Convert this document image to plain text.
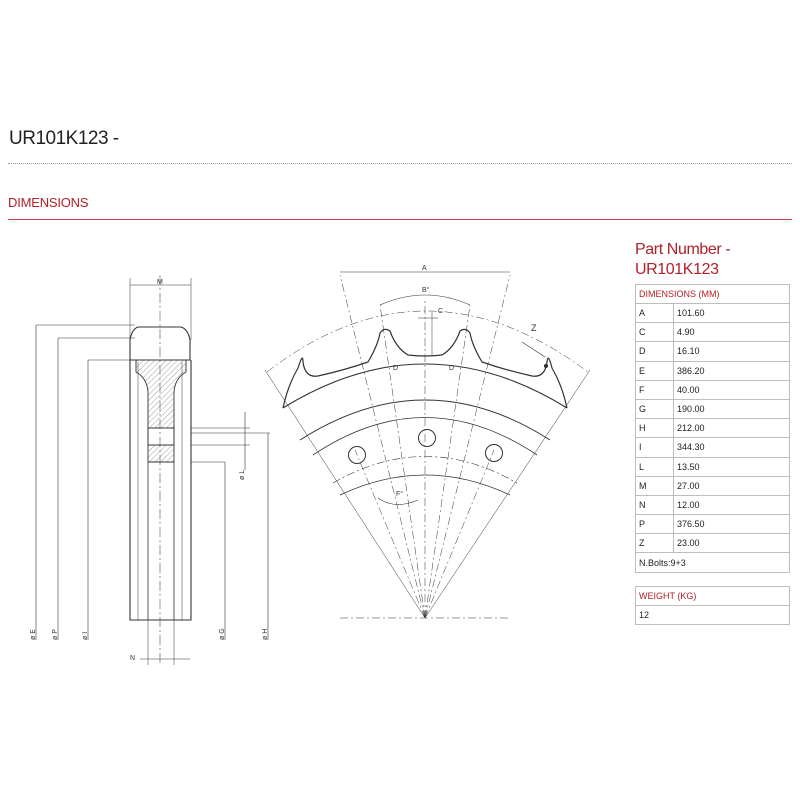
UR101K123 -
DIMENSIONS
M
N
ø E ø P	ø I	ø G	ø H
ø L
A
B°
C
D	D
Z
F°
Part Number -
UR101K123
DIMENSIONS (MM)	
A	101.60
C	4.90
D	16.10
E	386.20
F	40.00
G	190.00
H	212.00
I	344.30
L	13.50
M	27.00
N	12.00
P	376.50
Z	23.00
N.Bolts:9+3	
WEIGHT (KG)
12
